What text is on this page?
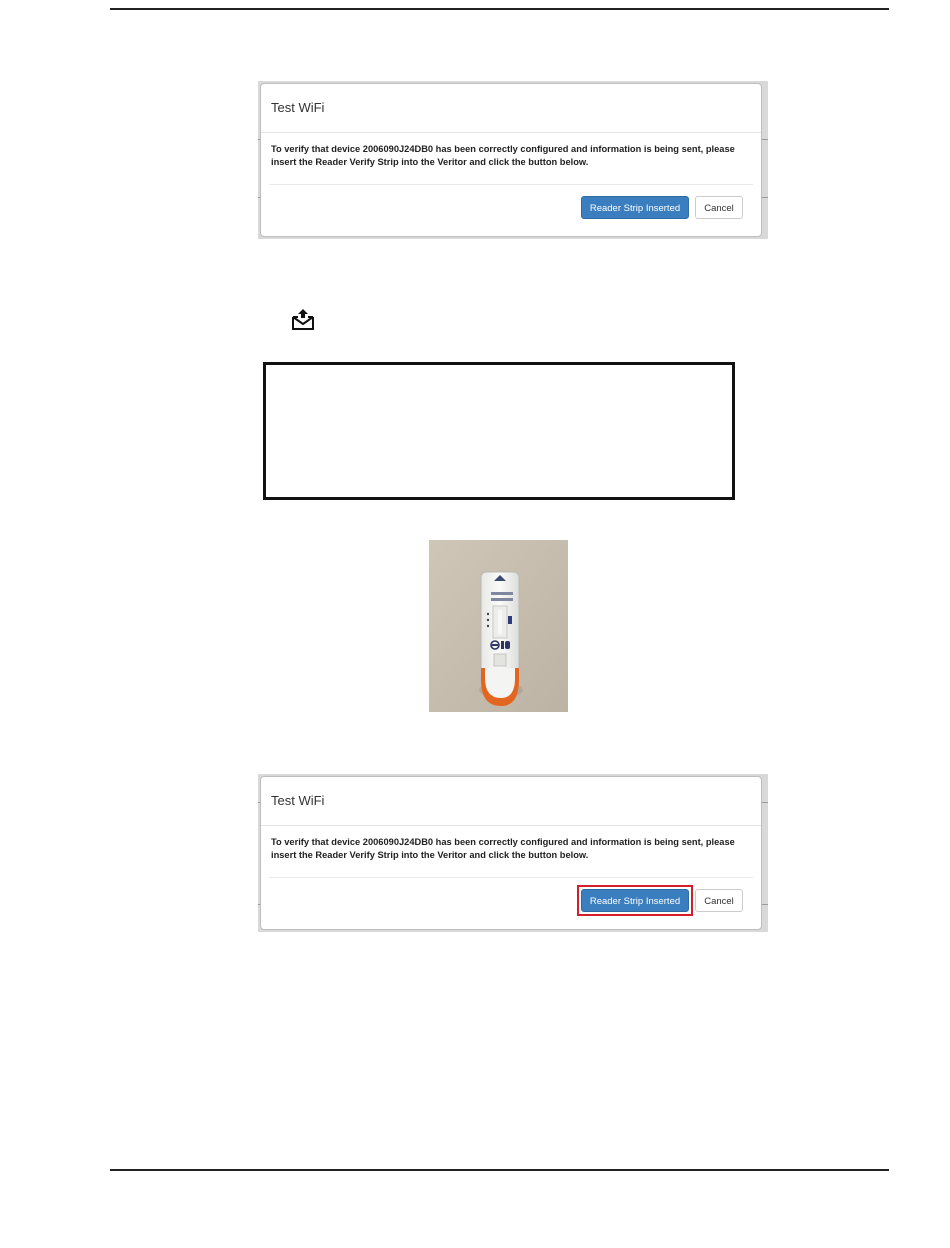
Test WiFi
To verify that device 2006090J24DB0 has been correctly configured and information is being sent, please insert the Reader Verify Strip into the Veritor and click the button below.
Reader Strip Inserted	Cancel
Test WiFi
To verify that device 2006090J24DB0 has been correctly configured and information is being sent, please insert the Reader Verify Strip into the Veritor and click the button below.
Reader Strip Inserted	Cancel
